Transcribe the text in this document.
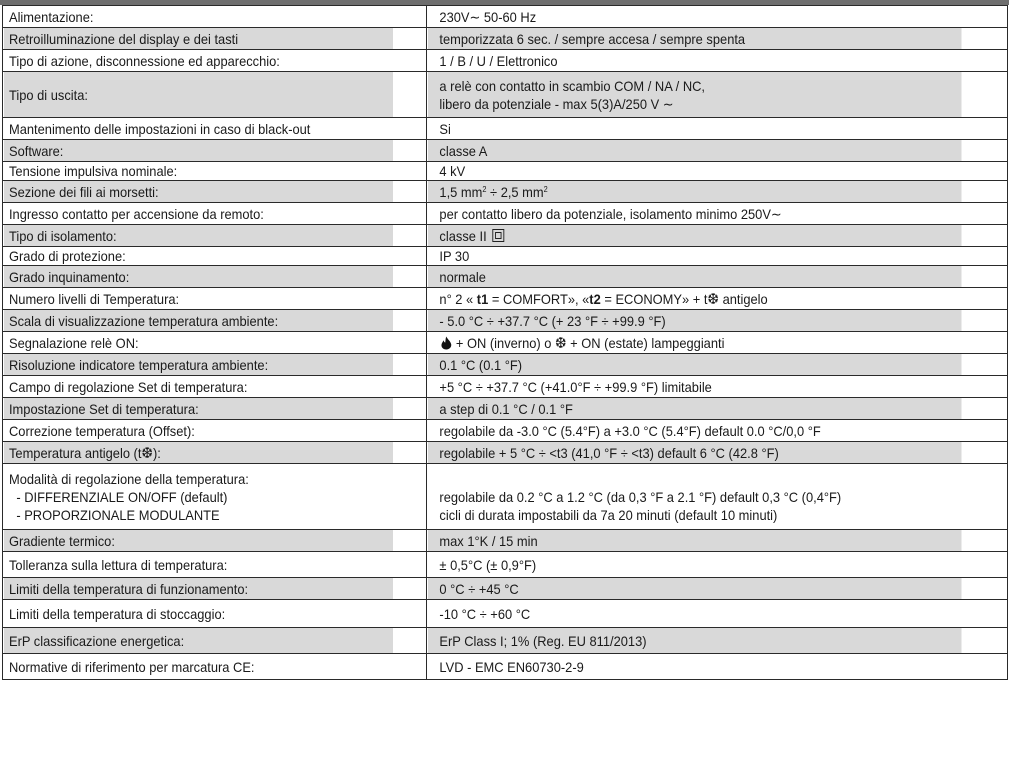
Alimentazione:	230V∼ 50-60 Hz
Retroilluminazione del display e dei tasti	temporizzata 6 sec. / sempre accesa / sempre spenta
Tipo di azione, disconnessione ed apparecchio:	1 / B / U / Elettronico
Tipo di uscita:	a relè con contatto in scambio COM / NA / NC,
libero da potenziale - max 5(3)A/250 V ∼

Mantenimento delle impostazioni in caso di black-out	Si
Software:	classe A
Tensione impulsiva nominale:	4 kV
Sezione dei fili ai morsetti:	1,5 $mm^2 \div 2,5$ $mm^2$
Ingresso contatto per accensione da remoto:	per contatto libero da potenziale, isolamento minimo 250V∼
Tipo di isolamento:	classe II
Grado di protezione:	IP 30
Grado inquinamento:	normale
Numero livelli di Temperatura:	n° 2 « t1 = COMFORT», «t2 = ECONOMY» + t❆ antigelo
Scala di visualizzazione temperatura ambiente:	- 5.0 °C ÷ +37.7 °C (+ 23 °F ÷ +99.9 °F)
Segnalazione relè ON:	+ ON (inverno) o ❆ + ON (estate) lampeggianti
Risoluzione indicatore temperatura ambiente:	0.1 °C (0.1 °F)
Campo di regolazione Set di temperatura:	+5 °C ÷ +37.7 °C (+41.0°F ÷ +99.9 °F) limitabile
Impostazione Set di temperatura:	a step di 0.1 °C / 0.1 °F
Correzione temperatura (Offset):	regolabile da -3.0 °C (5.4°F) a +3.0 °C (5.4°F) default 0.0 °C/0,0 °F
Temperatura antigelo (t❆):	regolabile + 5 °C ÷ <t3 (41,0 °F ÷ <t3) default 6 °C (42.8 °F)

Modalità di regolazione della temperatura:
- DIFFERENZIALE ON/OFF (default)
- PROPORZIONALE MODULANTE	regolabile da 0.2 °C a 1.2 °C (da 0,3 °F a 2.1 °F) default 0,3 °C (0,4°F)
cicli di durata impostabili da 7a 20 minuti (default 10 minuti)

Gradiente termico:	max 1°K / 15 min
Tolleranza sulla lettura di temperatura:	± 0,5°C (± 0,9°F)
Limiti della temperatura di funzionamento:	0 °C ÷ +45 °C
Limiti della temperatura di stoccaggio:	-10 °C ÷ +60 °C
ErP classificazione energetica:	ErP Class I; 1% (Reg. EU 811/2013)
Normative di riferimento per marcatura CE:	LVD - EMC EN60730-2-9
